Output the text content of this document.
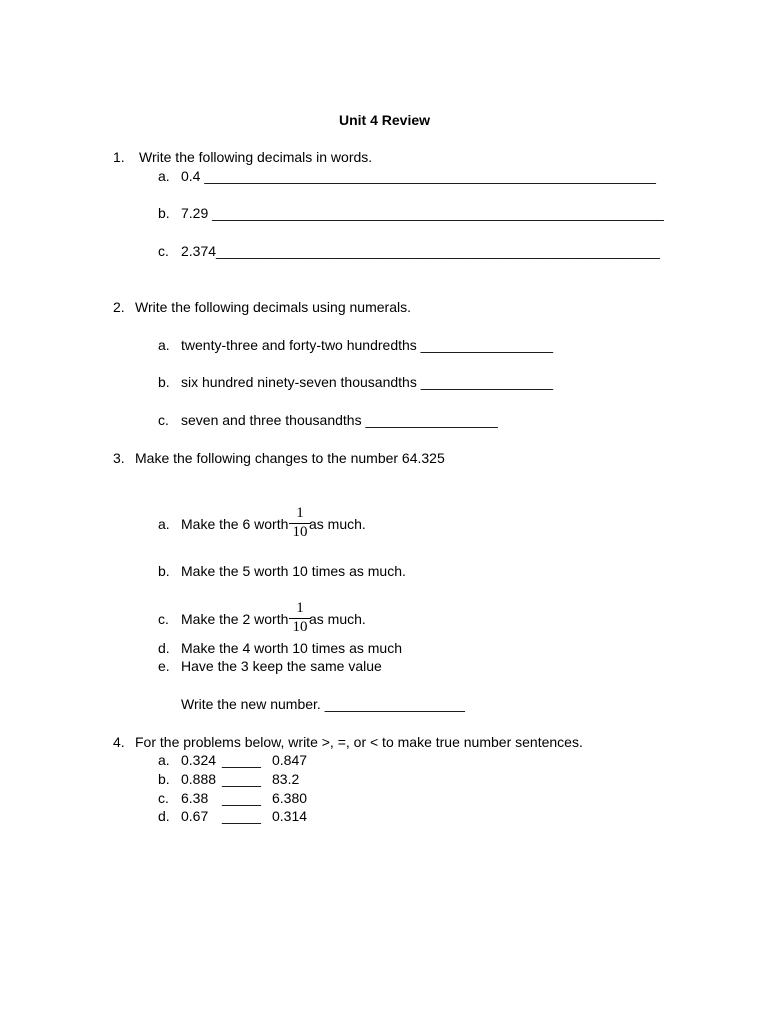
Unit 4 Review
1. Write the following decimals in words.
a. 0.4 __________________________________________________________
b. 7.29 __________________________________________________________
c. 2.374_________________________________________________________
2. Write the following decimals using numerals.
a. twenty-three and forty-two hundredths _________________
b. six hundred ninety-seven thousandths _________________
c. seven and three thousandths _________________
3. Make the following changes to the number 64.325
a. Make the 6 worth
1
10 as much.
b. Make the 5 worth 10 times as much.
c. Make the 2 worth
1
10 as much.
d. Make the 4 worth 10 times as much
e. Have the 3 keep the same value
Write the new number. __________________
4. For the problems below, write >, =, or < to make true number sentences.
a. 0.324 _____ 0.847
b. 0.888 _____ 83.2
c. 6.38 _____ 6.380
d. 0.67 _____ 0.314
